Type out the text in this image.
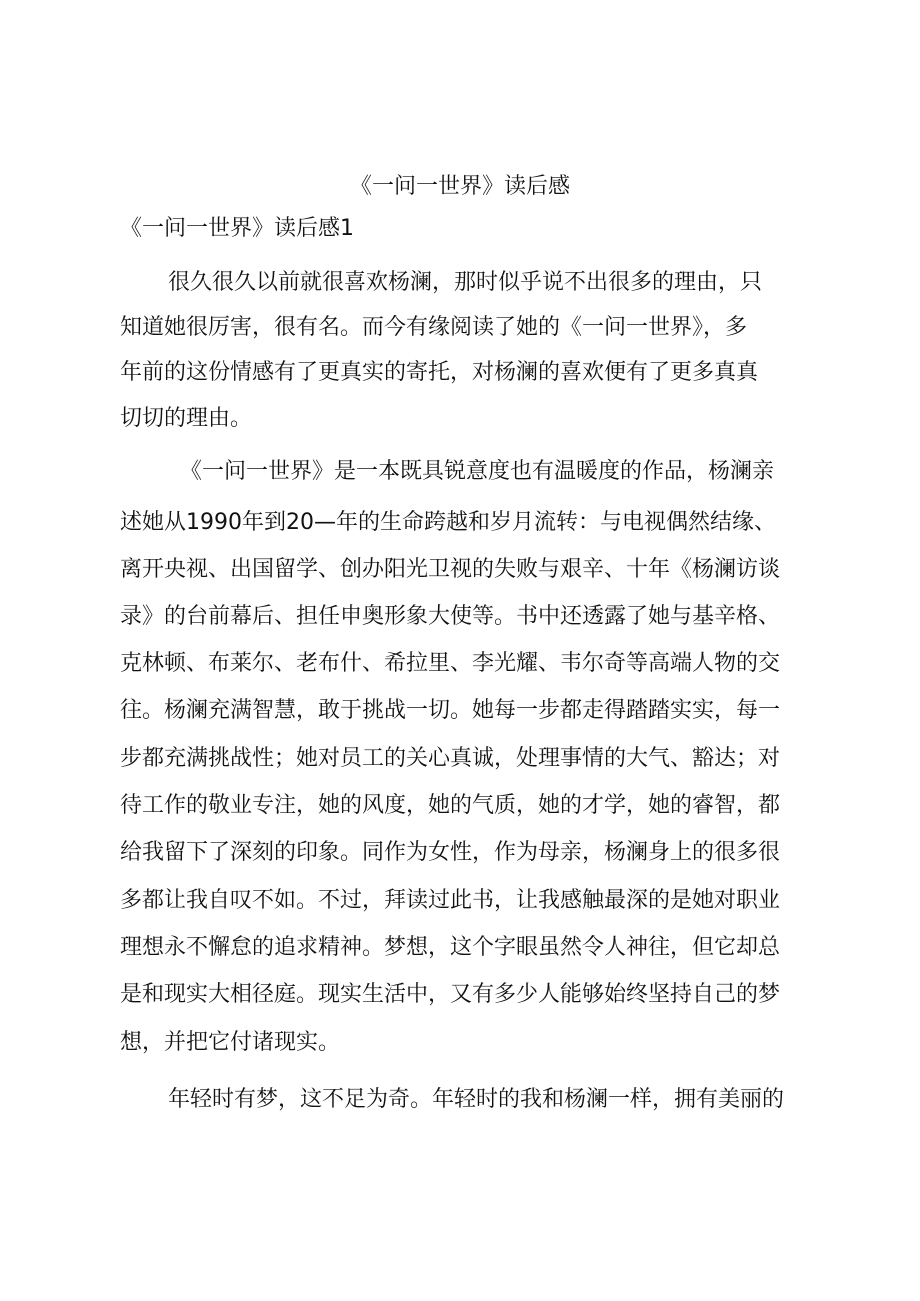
《一问一世界》读后感
《一问一世界》读后感1
很久很久以前就很喜欢杨澜，那时似乎说不出很多的理由，只
知道她很厉害，很有名。而今有缘阅读了她的《一问一世界》，多
年前的这份情感有了更真实的寄托，对杨澜的喜欢便有了更多真真
切切的理由。
《一问一世界》是一本既具锐意度也有温暖度的作品，杨澜亲
述她从1990年到20—年的生命跨越和岁月流转：与电视偶然结缘、
离开央视、出国留学、创办阳光卫视的失败与艰辛、十年《杨澜访谈
录》的台前幕后、担任申奥形象大使等。书中还透露了她与基辛格、
克林顿、布莱尔、老布什、希拉里、李光耀、韦尔奇等高端人物的交
往。杨澜充满智慧，敢于挑战一切。她每一步都走得踏踏实实，每一
步都充满挑战性；她对员工的关心真诚，处理事情的大气、豁达；对
待工作的敬业专注，她的风度，她的气质，她的才学，她的睿智，都
给我留下了深刻的印象。同作为女性，作为母亲，杨澜身上的很多很
多都让我自叹不如。不过，拜读过此书，让我感触最深的是她对职业
理想永不懈怠的追求精神。梦想，这个字眼虽然令人神往，但它却总
是和现实大相径庭。现实生活中，又有多少人能够始终坚持自己的梦
想，并把它付诸现实。
年轻时有梦，这不足为奇。年轻时的我和杨澜一样，拥有美丽的
